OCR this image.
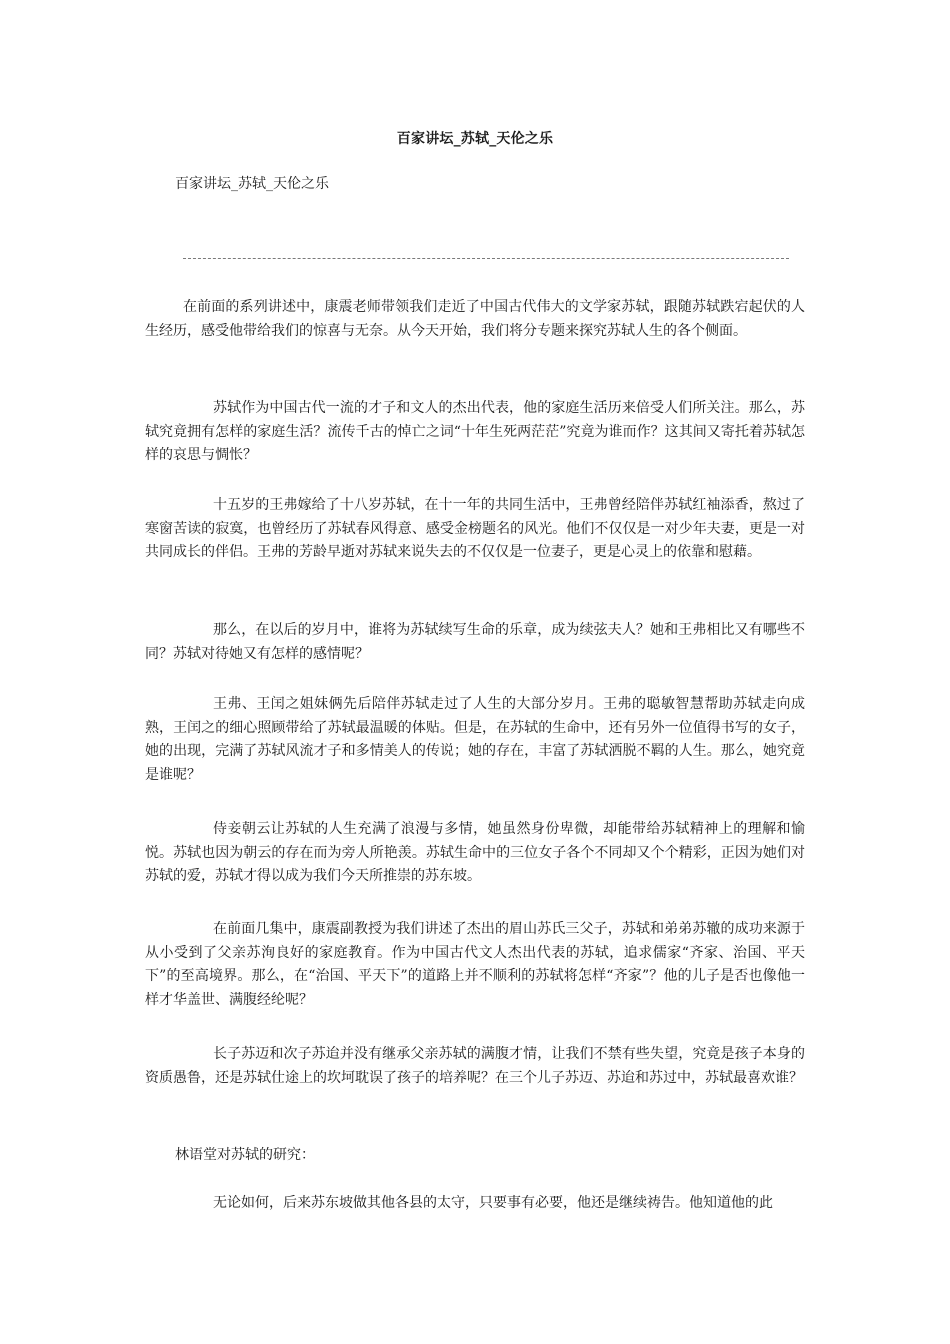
百家讲坛_苏轼_天伦之乐
百家讲坛_苏轼_天伦之乐

在前面的系列讲述中，康震老师带领我们走近了中国古代伟大的文学家苏轼，跟随苏轼跌宕起伏的人生经历，感受他带给我们的惊喜与无奈。从今天开始，我们将分专题来探究苏轼人生的各个侧面。

苏轼作为中国古代一流的才子和文人的杰出代表，他的家庭生活历来倍受人们所关注。那么，苏轼究竟拥有怎样的家庭生活？流传千古的悼亡之词“十年生死两茫茫”究竟为谁而作？这其间又寄托着苏轼怎样的哀思与惆怅？

十五岁的王弗嫁给了十八岁苏轼，在十一年的共同生活中，王弗曾经陪伴苏轼红袖添香，熬过了寒窗苦读的寂寞，也曾经历了苏轼春风得意、感受金榜题名的风光。他们不仅仅是一对少年夫妻，更是一对共同成长的伴侣。王弗的芳龄早逝对苏轼来说失去的不仅仅是一位妻子，更是心灵上的依靠和慰藉。

那么，在以后的岁月中，谁将为苏轼续写生命的乐章，成为续弦夫人？她和王弗相比又有哪些不同？苏轼对待她又有怎样的感情呢？

王弗、王闰之姐妹俩先后陪伴苏轼走过了人生的大部分岁月。王弗的聪敏智慧帮助苏轼走向成熟，王闰之的细心照顾带给了苏轼最温暖的体贴。但是，在苏轼的生命中，还有另外一位值得书写的女子，她的出现，完满了苏轼风流才子和多情美人的传说；她的存在，丰富了苏轼洒脱不羁的人生。那么，她究竟是谁呢？

侍妾朝云让苏轼的人生充满了浪漫与多情，她虽然身份卑微，却能带给苏轼精神上的理解和愉悦。苏轼也因为朝云的存在而为旁人所艳羡。苏轼生命中的三位女子各个不同却又个个精彩，正因为她们对苏轼的爱，苏轼才得以成为我们今天所推崇的苏东坡。

在前面几集中，康震副教授为我们讲述了杰出的眉山苏氏三父子，苏轼和弟弟苏辙的成功来源于从小受到了父亲苏洵良好的家庭教育。作为中国古代文人杰出代表的苏轼，追求儒家“齐家、治国、平天下”的至高境界。那么，在“治国、平天下”的道路上并不顺利的苏轼将怎样“齐家”？他的儿子是否也像他一样才华盖世、满腹经纶呢？

长子苏迈和次子苏迨并没有继承父亲苏轼的满腹才情，让我们不禁有些失望，究竟是孩子本身的资质愚鲁，还是苏轼仕途上的坎坷耽误了孩子的培养呢？在三个儿子苏迈、苏迨和苏过中，苏轼最喜欢谁？

林语堂对苏轼的研究：

无论如何，后来苏东坡做其他各县的太守，只要事有必要，他还是继续祷告。他知道他的此
